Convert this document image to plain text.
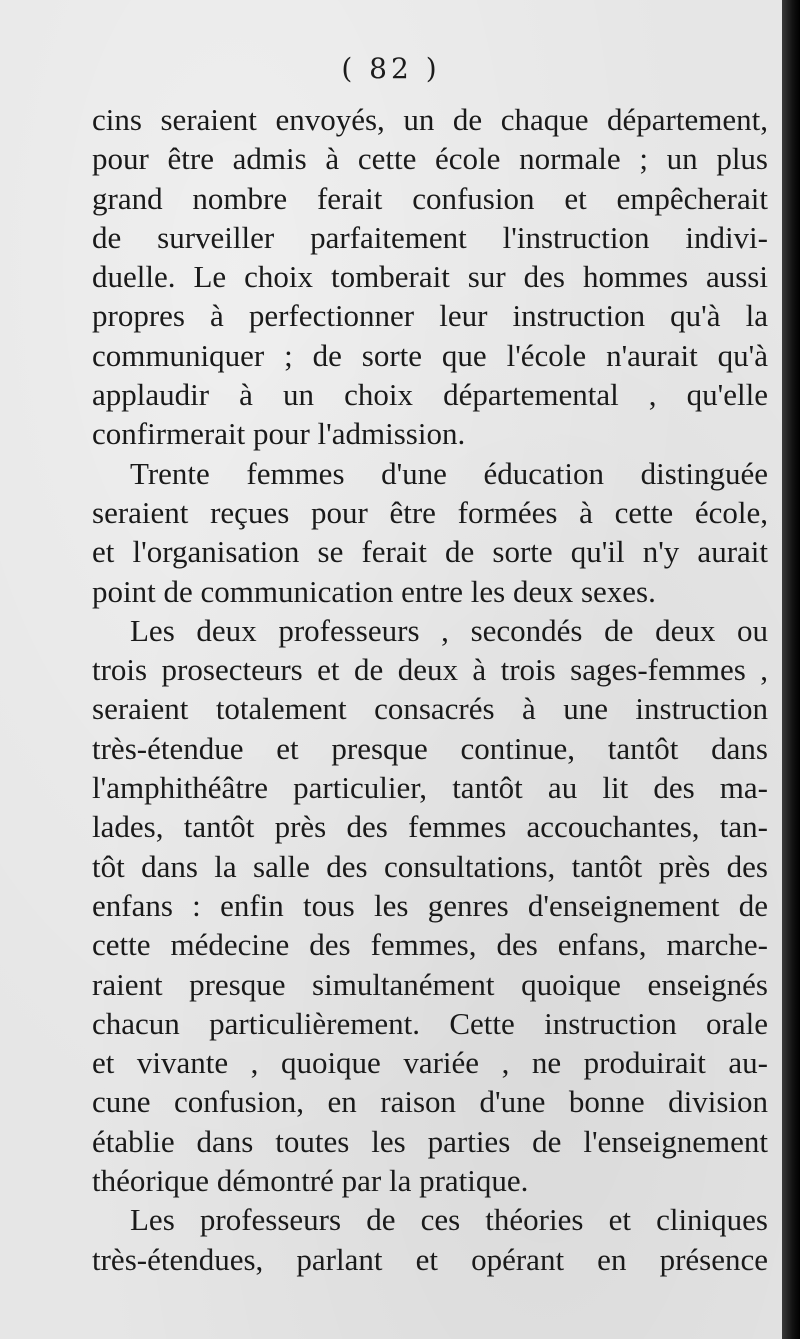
( 82 )
cins seraient envoyés, un de chaque département,
pour être admis à cette école normale ; un plus
grand nombre ferait confusion et empêcherait
de surveiller parfaitement l'instruction indivi-
duelle. Le choix tomberait sur des hommes aussi
propres à perfectionner leur instruction qu'à la
communiquer ; de sorte que l'école n'aurait qu'à
applaudir à un choix départemental , qu'elle
confirmerait pour l'admission.
Trente femmes d'une éducation distinguée
seraient reçues pour être formées à cette école,
et l'organisation se ferait de sorte qu'il n'y aurait
point de communication entre les deux sexes.
Les deux professeurs , secondés de deux ou
trois prosecteurs et de deux à trois sages-femmes ,
seraient totalement consacrés à une instruction
très-étendue et presque continue, tantôt dans
l'amphithéâtre particulier, tantôt au lit des ma-
lades, tantôt près des femmes accouchantes, tan-
tôt dans la salle des consultations, tantôt près des
enfans : enfin tous les genres d'enseignement de
cette médecine des femmes, des enfans, marche-
raient presque simultanément quoique enseignés
chacun particulièrement. Cette instruction orale
et vivante , quoique variée , ne produirait au-
cune confusion, en raison d'une bonne division
établie dans toutes les parties de l'enseignement
théorique démontré par la pratique.
Les professeurs de ces théories et cliniques
très-étendues, parlant et opérant en présence
